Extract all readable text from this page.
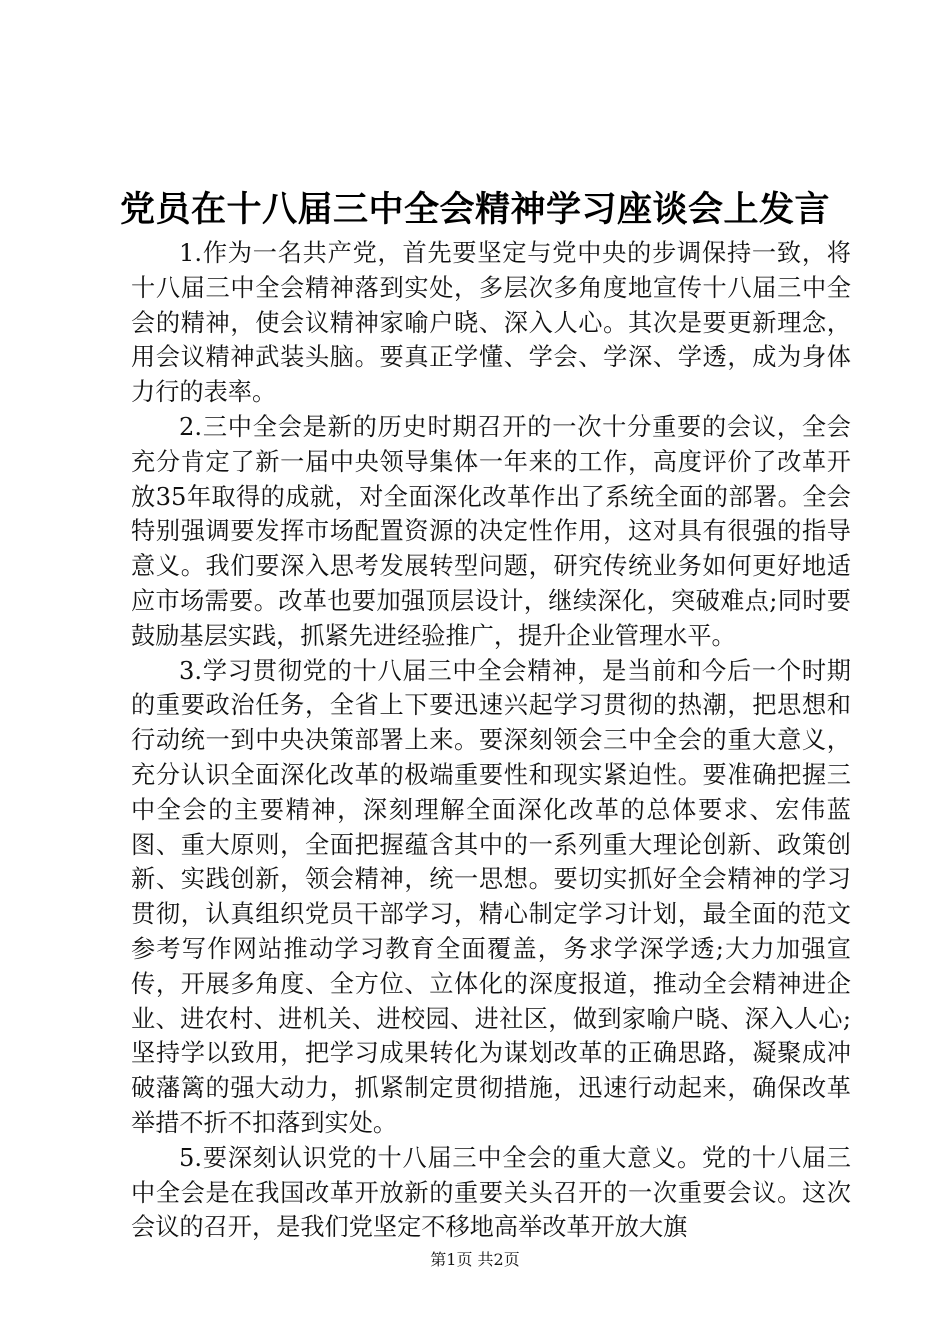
党员在十八届三中全会精神学习座谈会上发言

1.作为一名共产党，首先要坚定与党中央的步调保持一致，将十八届三中全会精神落到实处，多层次多角度地宣传十八届三中全会的精神，使会议精神家喻户晓、深入人心。其次是要更新理念，用会议精神武装头脑。要真正学懂、学会、学深、学透，成为身体力行的表率。

2.三中全会是新的历史时期召开的一次十分重要的会议，全会充分肯定了新一届中央领导集体一年来的工作，高度评价了改革开放35年取得的成就，对全面深化改革作出了系统全面的部署。全会特别强调要发挥市场配置资源的决定性作用，这对具有很强的指导意义。我们要深入思考发展转型问题，研究传统业务如何更好地适应市场需要。改革也要加强顶层设计，继续深化，突破难点;同时要鼓励基层实践，抓紧先进经验推广，提升企业管理水平。

3.学习贯彻党的十八届三中全会精神，是当前和今后一个时期的重要政治任务，全省上下要迅速兴起学习贯彻的热潮，把思想和行动统一到中央决策部署上来。要深刻领会三中全会的重大意义，充分认识全面深化改革的极端重要性和现实紧迫性。要准确把握三中全会的主要精神，深刻理解全面深化改革的总体要求、宏伟蓝图、重大原则，全面把握蕴含其中的一系列重大理论创新、政策创新、实践创新，领会精神，统一思想。要切实抓好全会精神的学习贯彻，认真组织党员干部学习，精心制定学习计划，最全面的范文参考写作网站推动学习教育全面覆盖，务求学深学透;大力加强宣传，开展多角度、全方位、立体化的深度报道，推动全会精神进企业、进农村、进机关、进校园、进社区，做到家喻户晓、深入人心;坚持学以致用，把学习成果转化为谋划改革的正确思路，凝聚成冲破藩篱的强大动力，抓紧制定贯彻措施，迅速行动起来，确保改革举措不折不扣落到实处。

5.要深刻认识党的十八届三中全会的重大意义。党的十八届三中全会是在我国改革开放新的重要关头召开的一次重要会议。这次会议的召开，是我们党坚定不移地高举改革开放大旗

第1页 共2页
